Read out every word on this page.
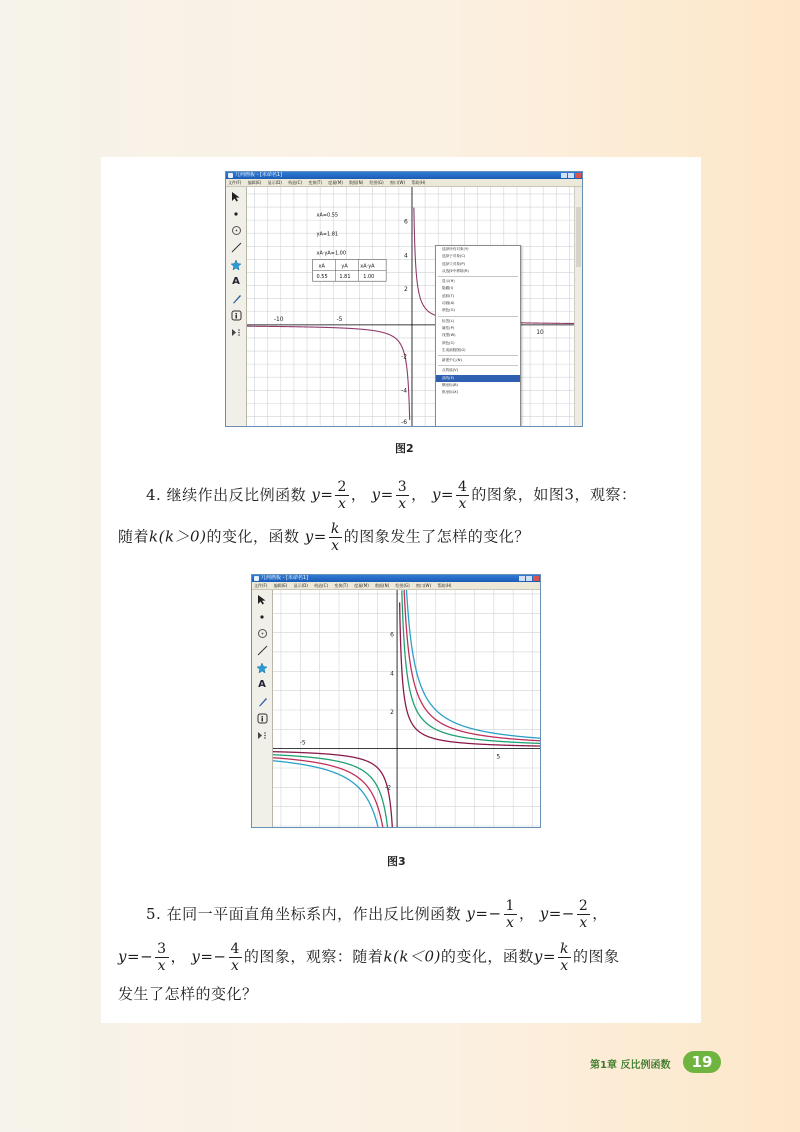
几何画板 - [未命名1]
文件(F) 编辑(E) 显示(D) 构造(C) 变换(T) 度量(M) 数据(N) 绘图(G) 窗口(W) 帮助(H)
A
i	-10	-5
10
6
4
2
-2
-4
-6
xA=0.55
yA=1.81
xA·yA=1.00
xA	yA	xA·yA
0.55 1.81	1.00
选择所有对象(Y)
选择子对象(C)
选择父对象(P)
从选择中移除(R)
显示(H)
隐藏(I)
追踪(T)
动画(A)
颜色(O)
标签(L)
属性(P)
线型(W)
颜色(C)
生成函数图(G)
新建中心(N)
点的值(V)
曲线(E)
横坐标(B)
纵坐标(X)
图2
4. 继续作出反比例函数 $y= \frac{2}{x}$ ， $y= \frac{3}{x}$ ， $y= \frac{4}{x}$ 的图象，如图3，观察：
随着k(k＞0)的变化，函数 $y= \frac{k}{x}$ 的图象发生了怎样的变化？
几何画板 - [未命名1]
文件(F) 编辑(E) 显示(D) 构造(C) 变换(T) 度量(M) 数据(N) 绘图(G) 窗口(W) 帮助(H)
A
i
-5
5
6
4
2
-2
图3
5. 在同一平面直角坐标系内，作出反比例函数 $y=- \frac{1}{x}$ ， $y=- \frac{2}{x}$ ，
$y=- \frac{3}{x}$ ， $y=- \frac{4}{x}$ 的图象，观察：随着k(k＜0)的变化，函数$y= \frac{k}{x}$ 的图象
发生了怎样的变化？
第1章 反比例函数	19
